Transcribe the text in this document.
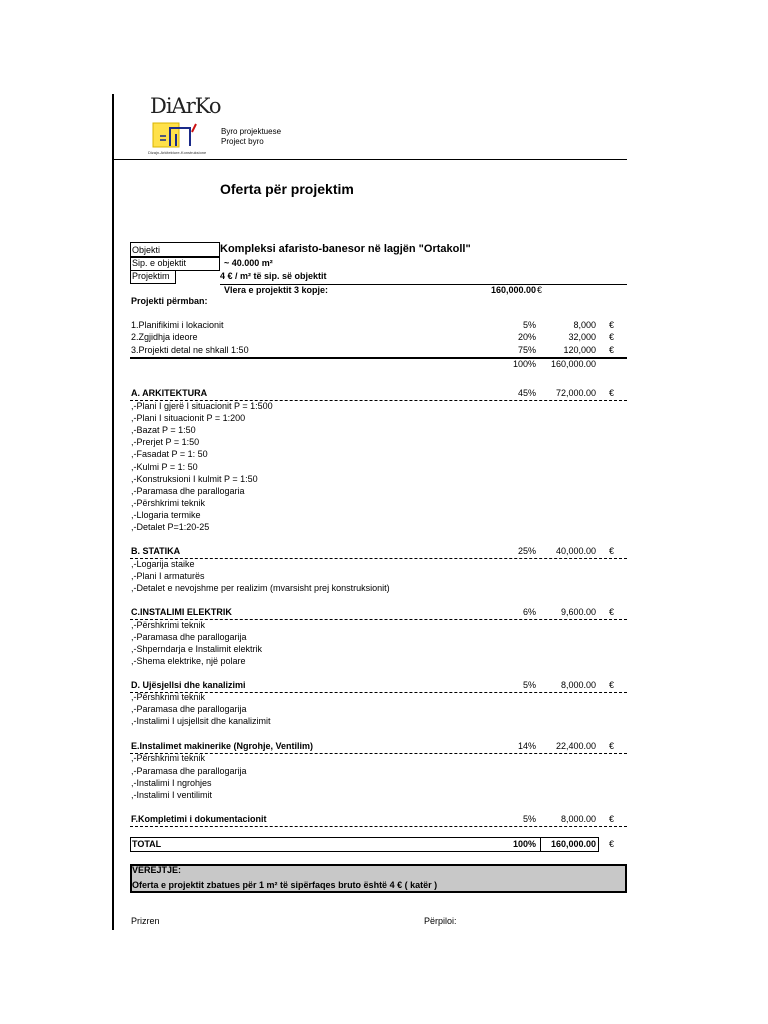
DiArKo
Dizajn-Arkitekture-Konstruksione
Byro projektuese
Project byro
Oferta për projektim
Objekti	Kompleksi afaristo-banesor në lagjën "Ortakoll"
Sip. e objektit	~ 40.000 m²
Projektim	4 € / m² të sip. së objektit
Vlera e projektit 3 kopje:	160,000.00 €
Projekti përmban:
1.Planifikimi i lokacionit	5%	8,000 €
2.Zgjidhja ideore	20%	32,000 €
3.Projekti detal ne shkall 1:50	75%	120,000 €
100%	160,000.00
A. ARKITEKTURA	45%	72,000.00 €
,-Plani I gjerë I situacionit P = 1:500
,-Plani I situacionit P = 1:200
,-Bazat P = 1:50
,-Prerjet P = 1:50
,-Fasadat P = 1: 50
,-Kulmi P = 1: 50
,-Konstruksioni I kulmit P = 1:50
,-Paramasa dhe parallogaria
,-Përshkrimi teknik
,-Llogaria termike
,-Detalet P=1:20-25
B. STATIKA	25%	40,000.00 €
,-Logarija staike
,-Plani I armaturës
,-Detalet e nevojshme per realizim (mvarsisht prej konstruksionit)
C.INSTALIMI ELEKTRIK	6%	9,600.00 €
,-Përshkrimi teknik
,-Paramasa dhe parallogarija
,-Shperndarja e Instalimit elektrik
,-Shema elektrike, një polare
D. Ujësjellsi dhe kanalizimi	5%	8,000.00 €
,-Përshkrimi teknik
,-Paramasa dhe parallogarija
,-Instalimi I ujsjellsit dhe kanalizimit
E.Instalimet makinerike (Ngrohje, Ventilim)	14%	22,400.00 €
,-Përshkrimi teknik
,-Paramasa dhe parallogarija
,-Instalimi I ngrohjes
,-Instalimi I ventilimit
F.Kompletimi i dokumentacionit	5%	8,000.00 €
TOTAL	100%	160,000.00 €
VEREJTJE:
Oferta e projektit zbatues për 1 m² të sipërfaqes bruto është 4 € ( katër )
Prizren	Përpiloi:
